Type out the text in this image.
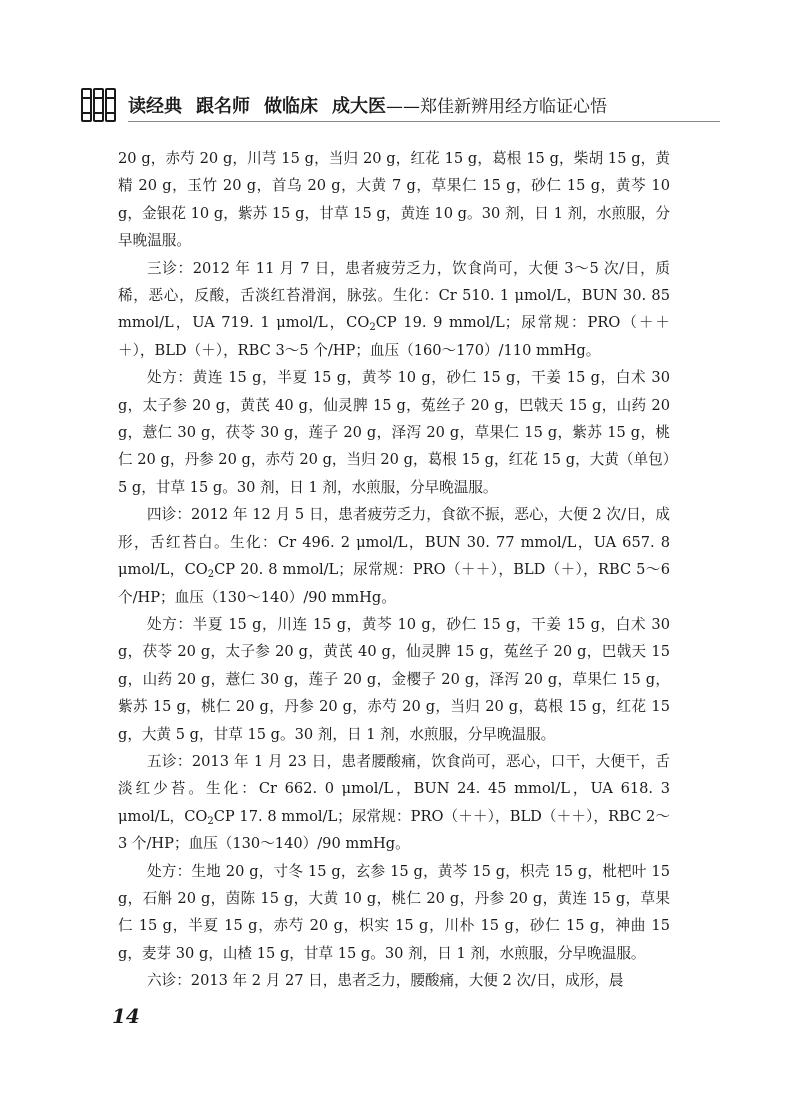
读经典 跟名师 做临床 成大医——郑佳新辨用经方临证心悟

20 g，赤芍 20 g，川芎 15 g，当归 20 g，红花 15 g，葛根 15 g，柴胡 15 g，黄精 20 g，玉竹 20 g，首乌 20 g，大黄 7 g，草果仁 15 g，砂仁 15 g，黄芩 10 g，金银花 10 g，紫苏 15 g，甘草 15 g，黄连 10 g。30 剂，日 1 剂，水煎服，分早晚温服。

三诊：2012 年 11 月 7 日，患者疲劳乏力，饮食尚可，大便 3～5 次/日，质稀，恶心，反酸，舌淡红苔滑润，脉弦。生化：Cr 510. 1 μmol/L，BUN 30. 85 mmol/L，UA 719. 1 μmol/L，$CO_2CP$ 19. 9 mmol/L；尿常规：PRO（＋＋＋），BLD（＋），RBC 3～5 个/HP；血压（160～170）/110 mmHg。

处方：黄连 15 g，半夏 15 g，黄芩 10 g，砂仁 15 g，干姜 15 g，白术 30 g，太子参 20 g，黄芪 40 g，仙灵脾 15 g，菟丝子 20 g，巴戟天 15 g，山药 20 g，薏仁 30 g，茯苓 30 g，莲子 20 g，泽泻 20 g，草果仁 15 g，紫苏 15 g，桃仁 20 g，丹参 20 g，赤芍 20 g，当归 20 g，葛根 15 g，红花 15 g，大黄（单包）5 g，甘草 15 g。30 剂，日 1 剂，水煎服，分早晚温服。

四诊：2012 年 12 月 5 日，患者疲劳乏力，食欲不振，恶心，大便 2 次/日，成形，舌红苔白。生化：Cr 496. 2 μmol/L，BUN 30. 77 mmol/L，UA 657. 8 μmol/L，$CO_2CP$ 20. 8 mmol/L；尿常规：PRO（＋＋），BLD（＋），RBC 5～6 个/HP；血压（130～140）/90 mmHg。

处方：半夏 15 g，川连 15 g，黄芩 10 g，砂仁 15 g，干姜 15 g，白术 30 g，茯苓 20 g，太子参 20 g，黄芪 40 g，仙灵脾 15 g，菟丝子 20 g，巴戟天 15 g，山药 20 g，薏仁 30 g，莲子 20 g，金樱子 20 g，泽泻 20 g，草果仁 15 g，紫苏 15 g，桃仁 20 g，丹参 20 g，赤芍 20 g，当归 20 g，葛根 15 g，红花 15 g，大黄 5 g，甘草 15 g。30 剂，日 1 剂，水煎服，分早晚温服。

五诊：2013 年 1 月 23 日，患者腰酸痛，饮食尚可，恶心，口干，大便干，舌淡红少苔。生化：Cr 662. 0 μmol/L，BUN 24. 45 mmol/L，UA 618. 3 μmol/L，$CO_2CP$ 17. 8 mmol/L；尿常规：PRO（＋＋），BLD（＋＋），RBC 2～3 个/HP；血压（130～140）/90 mmHg。

处方：生地 20 g，寸冬 15 g，玄参 15 g，黄芩 15 g，枳壳 15 g，枇杷叶 15 g，石斛 20 g，茵陈 15 g，大黄 10 g，桃仁 20 g，丹参 20 g，黄连 15 g，草果仁 15 g，半夏 15 g，赤芍 20 g，枳实 15 g，川朴 15 g，砂仁 15 g，神曲 15 g，麦芽 30 g，山楂 15 g，甘草 15 g。30 剂，日 1 剂，水煎服，分早晚温服。

六诊：2013 年 2 月 27 日，患者乏力，腰酸痛，大便 2 次/日，成形，晨

14
